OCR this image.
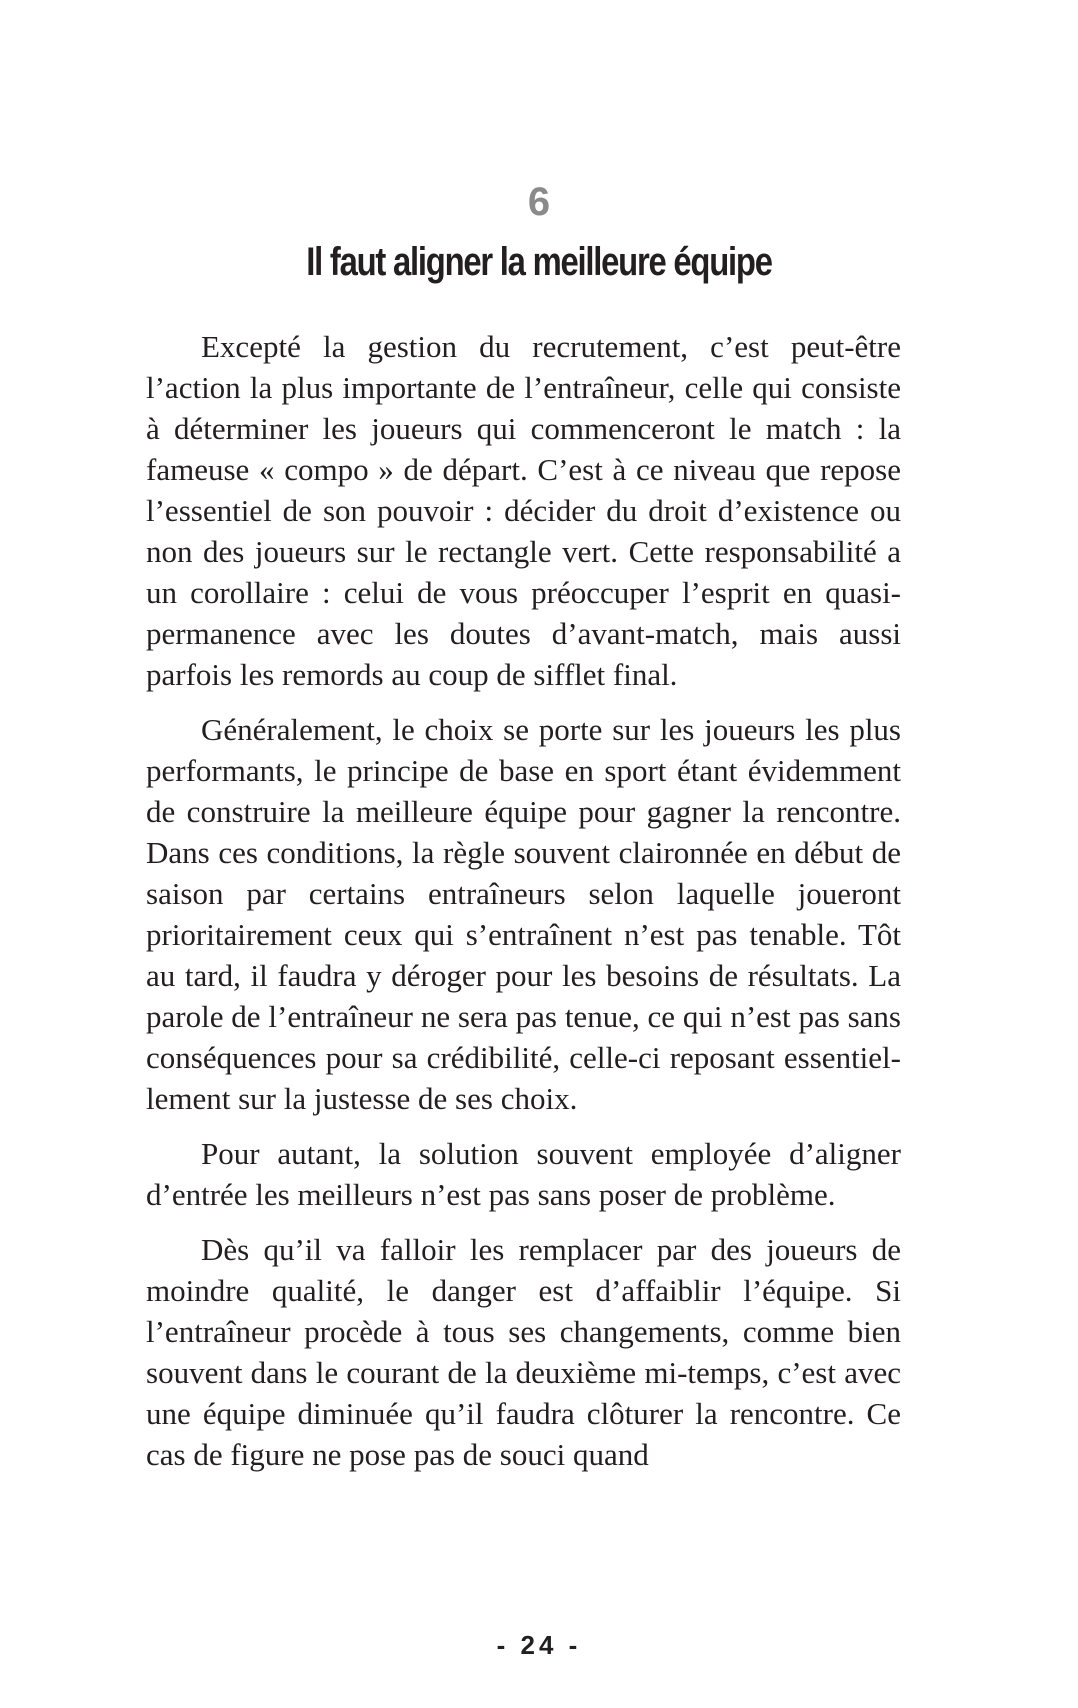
6
Il faut aligner la meilleure équipe

Excepté la gestion du recrutement, c’est peut-être l’action la plus importante de l’entraîneur, celle qui consiste à déterminer les joueurs qui commenceront le match : la fameuse « compo » de départ. C’est à ce niveau que repose l’essentiel de son pouvoir : décider du droit d’existence ou non des joueurs sur le rectangle vert. Cette responsabilité a un corollaire : celui de vous préoccuper l’esprit en quasi-permanence avec les doutes d’avant-match, mais aussi parfois les remords au coup de sifflet final.

Généralement, le choix se porte sur les joueurs les plus performants, le principe de base en sport étant évidemment de construire la meilleure équipe pour gagner la rencontre. Dans ces conditions, la règle souvent claironnée en début de saison par certains entraîneurs selon laquelle joueront prioritairement ceux qui s’entraînent n’est pas tenable. Tôt au tard, il faudra y déroger pour les besoins de résultats. La parole de l’entraîneur ne sera pas tenue, ce qui n’est pas sans conséquences pour sa crédibilité, celle-ci reposant essentiellement sur la justesse de ses choix.

Pour autant, la solution souvent employée d’aligner d’entrée les meilleurs n’est pas sans poser de problème.

Dès qu’il va falloir les remplacer par des joueurs de moindre qualité, le danger est d’affaiblir l’équipe. Si l’entraîneur procède à tous ses changements, comme bien souvent dans le courant de la deuxième mi-temps, c’est avec une équipe diminuée qu’il faudra clôturer la rencontre. Ce cas de figure ne pose pas de souci quand

- 24 -
